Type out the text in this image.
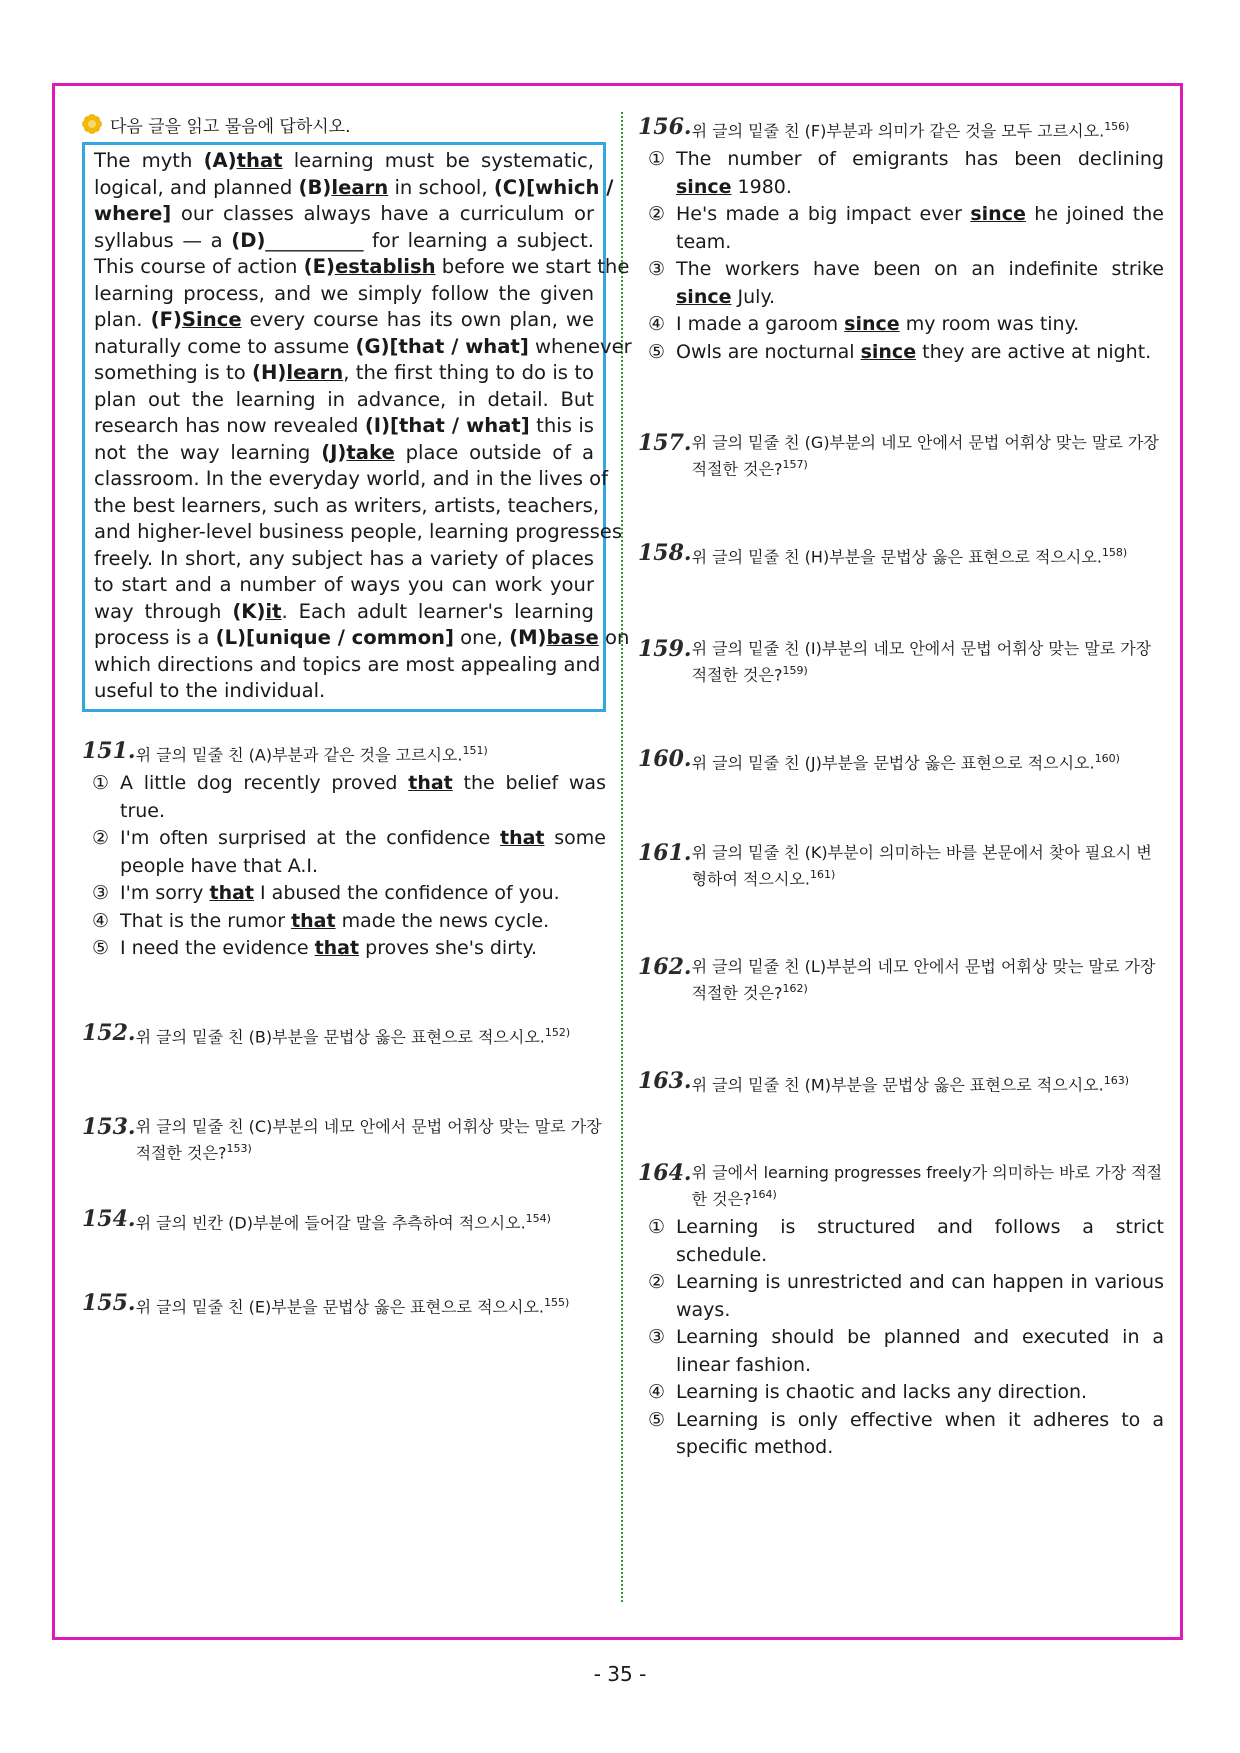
다음 글을 읽고 물음에 답하시오.
The myth (A)that learning must be systematic,
logical, and planned (B)learn in school, (C)[which /
where] our classes always have a curriculum or
syllabus — a (D)__________ for learning a subject.
This course of action (E)establish before we start the
learning process, and we simply follow the given
plan. (F)Since every course has its own plan, we
naturally come to assume (G)[that / what] whenever
something is to (H)learn, the first thing to do is to
plan out the learning in advance, in detail. But
research has now revealed (I)[that / what] this is
not the way learning (J)take place outside of a
classroom. In the everyday world, and in the lives of
the best learners, such as writers, artists, teachers,
and higher-level business people, learning progresses
freely. In short, any subject has a variety of places
to start and a number of ways you can work your
way through (K)it. Each adult learner's learning
process is a (L)[unique / common] one, (M)base on
which directions and topics are most appealing and
useful to the individual.
151. 위 글의 밑줄 친 (A)부분과 같은 것을 고르시오.$^{151)}$
① A little dog recently proved that the belief was true.
② I'm often surprised at the confidence that some people have that A.I.
③ I'm sorry that I abused the confidence of you.
④ That is the rumor that made the news cycle.
⑤ I need the evidence that proves she's dirty.
152. 위 글의 밑줄 친 (B)부분을 문법상 옳은 표현으로 적으시오.$^{152)}$
153. 위 글의 밑줄 친 (C)부분의 네모 안에서 문법 어휘상 맞는 말로 가장 적절한 것은?$^{153)}$
154. 위 글의 빈칸 (D)부분에 들어갈 말을 추측하여 적으시오.$^{154)}$
155. 위 글의 밑줄 친 (E)부분을 문법상 옳은 표현으로 적으시오.$^{155)}$
156. 위 글의 밑줄 친 (F)부분과 의미가 같은 것을 모두 고르시오.$^{156)}$
① The number of emigrants has been declining since 1980.
② He's made a big impact ever since he joined the team.
③ The workers have been on an indefinite strike since July.
④ I made a garoom since my room was tiny.
⑤ Owls are nocturnal since they are active at night.
157. 위 글의 밑줄 친 (G)부분의 네모 안에서 문법 어휘상 맞는 말로 가장 적절한 것은?$^{157)}$
158. 위 글의 밑줄 친 (H)부분을 문법상 옳은 표현으로 적으시오.$^{158)}$
159. 위 글의 밑줄 친 (I)부분의 네모 안에서 문법 어휘상 맞는 말로 가장 적절한 것은?$^{159)}$
160. 위 글의 밑줄 친 (J)부분을 문법상 옳은 표현으로 적으시오.$^{160)}$
161. 위 글의 밑줄 친 (K)부분이 의미하는 바를 본문에서 찾아 필요시 변형하여 적으시오.$^{161)}$
162. 위 글의 밑줄 친 (L)부분의 네모 안에서 문법 어휘상 맞는 말로 가장 적절한 것은?$^{162)}$
163. 위 글의 밑줄 친 (M)부분을 문법상 옳은 표현으로 적으시오.$^{163)}$
164. 위 글에서 learning progresses freely가 의미하는 바로 가장 적절한 것은?$^{164)}$
① Learning is structured and follows a strict schedule.
② Learning is unrestricted and can happen in various ways.
③ Learning should be planned and executed in a linear fashion.
④ Learning is chaotic and lacks any direction.
⑤ Learning is only effective when it adheres to a specific method.
- 35 -
